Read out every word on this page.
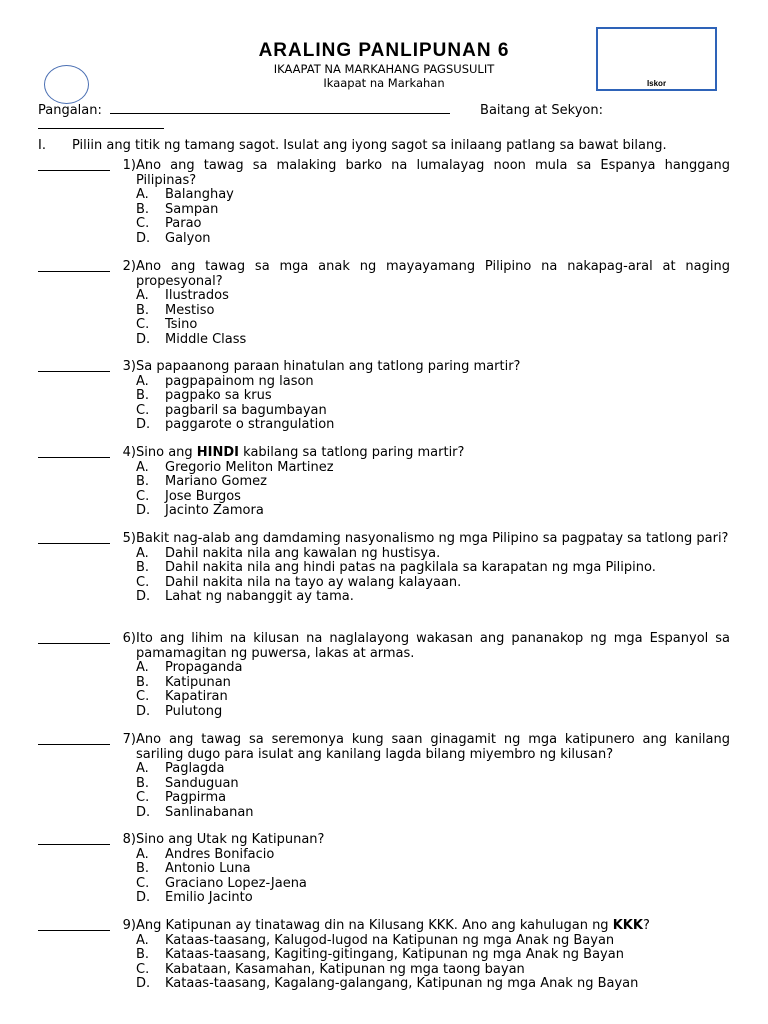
Iskor
ARALING PANLIPUNAN 6
IKAAPAT NA MARKAHANG PAGSUSULIT
Ikaapat na Markahan
Pangalan:	Baitang at Sekyon:
I. Piliin ang titik ng tamang sagot. Isulat ang iyong sagot sa inilaang patlang sa bawat bilang.
1) Ano ang tawag sa malaking barko na lumalayag noon mula sa Espanya hanggang Pilipinas?
A.	Balanghay
B.	Sampan
C.	Parao
D.	Galyon
2) Ano ang tawag sa mga anak ng mayayamang Pilipino na nakapag-aral at naging propesyonal?
A.	Ilustrados
B.	Mestiso
C.	Tsino
D.	Middle Class
3) Sa papaanong paraan hinatulan ang tatlong paring martir?
A.	pagpapainom ng lason
B.	pagpako sa krus
C.	pagbaril sa bagumbayan
D.	paggarote o strangulation
4) Sino ang HINDI kabilang sa tatlong paring martir?
A.	Gregorio Meliton Martinez
B.	Mariano Gomez
C.	Jose Burgos
D.	Jacinto Zamora
5) Bakit nag-alab ang damdaming nasyonalismo ng mga Pilipino sa pagpatay sa tatlong pari?
A.	Dahil nakita nila ang kawalan ng hustisya.
B.	Dahil nakita nila ang hindi patas na pagkilala sa karapatan ng mga Pilipino.
C.	Dahil nakita nila na tayo ay walang kalayaan.
D.	Lahat ng nabanggit ay tama.
6) Ito ang lihim na kilusan na naglalayong wakasan ang pananakop ng mga Espanyol sa pamamagitan ng puwersa, lakas at armas.
A.	Propaganda
B.	Katipunan
C.	Kapatiran
D.	Pulutong
7) Ano ang tawag sa seremonya kung saan ginagamit ng mga katipunero ang kanilang sariling dugo para isulat ang kanilang lagda bilang miyembro ng kilusan?
A.	Paglagda
B.	Sanduguan
C.	Pagpirma
D.	Sanlinabanan
8) Sino ang Utak ng Katipunan?
A.	Andres Bonifacio
B.	Antonio Luna
C.	Graciano Lopez-Jaena
D.	Emilio Jacinto
9) Ang Katipunan ay tinatawag din na Kilusang KKK. Ano ang kahulugan ng KKK?
A.	Kataas-taasang, Kalugod-lugod na Katipunan ng mga Anak ng Bayan
B.	Kataas-taasang, Kagiting-gitingang, Katipunan ng mga Anak ng Bayan
C.	Kabataan, Kasamahan, Katipunan ng mga taong bayan
D.	Kataas-taasang, Kagalang-galangang, Katipunan ng mga Anak ng Bayan
